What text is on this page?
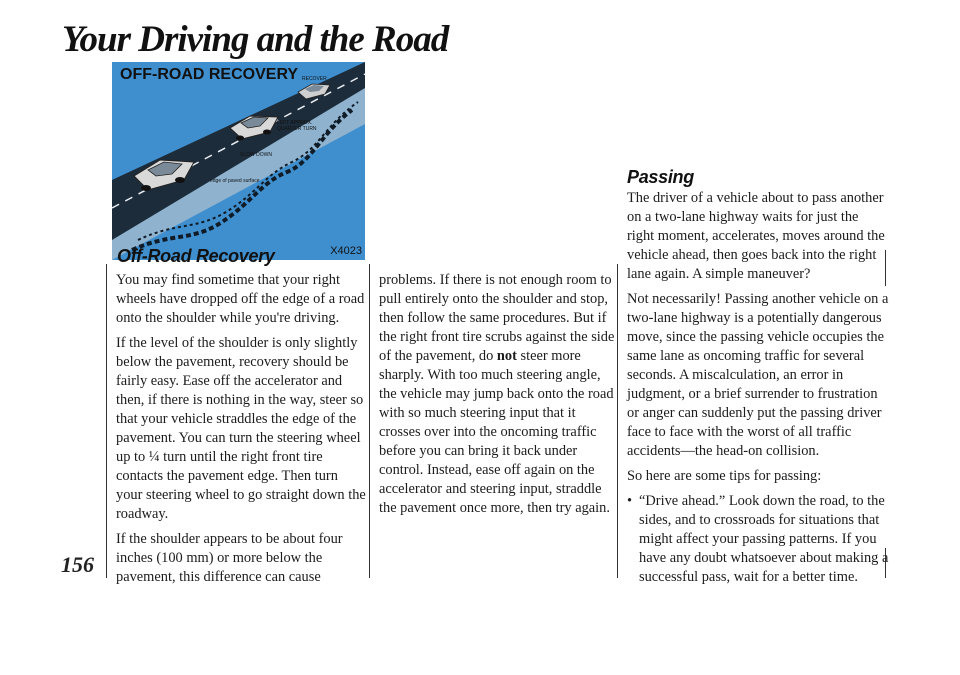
Your Driving and the Road
OFF-ROAD RECOVERY RECOVER
LEFT APPROX.
QUARTER TURN
SLOW DOWN
edge of paved surface
X4023
156
Off-Road Recovery

You may find sometime that your right wheels have dropped off the edge of a road onto the shoulder while you're driving.

If the level of the shoulder is only slightly below the pavement, recovery should be fairly easy. Ease off the accelerator and then, if there is nothing in the way, steer so that your vehicle straddles the edge of the pavement. You can turn the steering wheel up to ¼ turn until the right front tire contacts the pavement edge. Then turn your steering wheel to go straight down the roadway.

If the shoulder appears to be about four inches (100 mm) or more below the pavement, this difference can cause

problems. If there is not enough room to pull entirely onto the shoulder and stop, then follow the same procedures. But if the right front tire scrubs against the side of the pavement, do not steer more sharply. With too much steering angle, the vehicle may jump back onto the road with so much steering input that it crosses over into the oncoming traffic before you can bring it back under control. Instead, ease off again on the accelerator and steering input, straddle the pavement once more, then try again.

Passing

The driver of a vehicle about to pass another on a two-lane highway waits for just the right moment, accelerates, moves around the vehicle ahead, then goes back into the right lane again. A simple maneuver?

Not necessarily! Passing another vehicle on a two-lane highway is a potentially dangerous move, since the passing vehicle occupies the same lane as oncoming traffic for several seconds. A miscalculation, an error in judgment, or a brief surrender to frustration or anger can suddenly put the passing driver face to face with the worst of all traffic accidents—the head-on collision.

So here are some tips for passing:

• “Drive ahead.” Look down the road, to the sides, and to crossroads for situations that might affect your passing patterns. If you have any doubt whatsoever about making a successful pass, wait for a better time.
